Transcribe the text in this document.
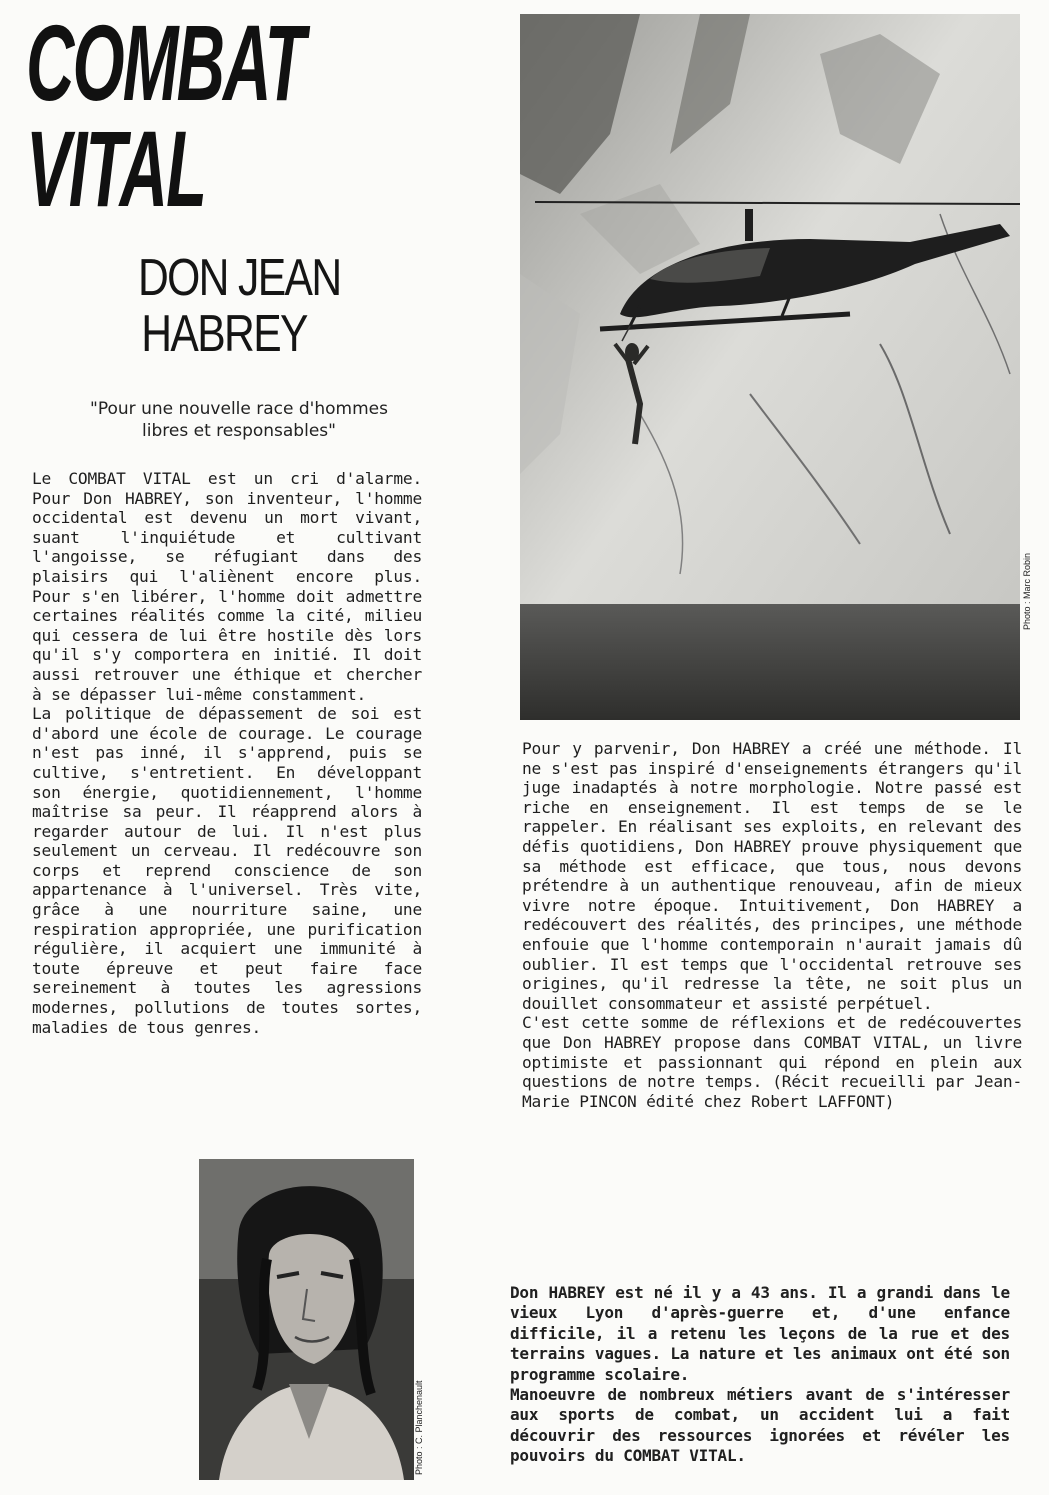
COMBAT
VITAL
DON JEAN
HABREY
"Pour une nouvelle race d'hommes
libres et responsables"

Le COMBAT VITAL est un cri d'alarme. Pour Don HABREY, son inventeur, l'homme occidental est devenu un mort vivant, suant l'inquiétude et cultivant l'angoisse, se réfugiant dans des plaisirs qui l'aliènent encore plus. Pour s'en libérer, l'homme doit admettre certaines réalités comme la cité, milieu qui cessera de lui être hostile dès lors qu'il s'y comportera en initié. Il doit aussi retrouver une éthique et chercher à se dépasser lui-même constamment.

La politique de dépassement de soi est d'abord une école de courage. Le courage n'est pas inné, il s'apprend, puis se cultive, s'entretient. En développant son énergie, quotidiennement, l'homme maîtrise sa peur. Il réapprend alors à regarder autour de lui. Il n'est plus seulement un cerveau. Il redécouvre son corps et reprend conscience de son appartenance à l'universel. Très vite, grâce à une nourriture saine, une respiration appropriée, une purification régulière, il acquiert une immunité à toute épreuve et peut faire face sereinement à toutes les agressions modernes, pollutions de toutes sortes, maladies de tous genres.

Photo : Marc Robin

Pour y parvenir, Don HABREY a créé une méthode. Il ne s'est pas inspiré d'enseignements étrangers qu'il juge inadaptés à notre morphologie. Notre passé est riche en enseignement. Il est temps de se le rappeler. En réalisant ses exploits, en relevant des défis quotidiens, Don HABREY prouve physiquement que sa méthode est efficace, que tous, nous devons prétendre à un authentique renouveau, afin de mieux vivre notre époque. Intuitivement, Don HABREY a redécouvert des réalités, des principes, une méthode enfouie que l'homme contemporain n'aurait jamais dû oublier. Il est temps que l'occidental retrouve ses origines, qu'il redresse la tête, ne soit plus un douillet consommateur et assisté perpétuel.

C'est cette somme de réflexions et de redécouvertes que Don HABREY propose dans COMBAT VITAL, un livre optimiste et passionnant qui répond en plein aux questions de notre temps. (Récit recueilli par Jean-Marie PINCON édité chez Robert LAFFONT)

Photo : C. Planchenault

Don HABREY est né il y a 43 ans. Il a grandi dans le vieux Lyon d'après-guerre et, d'une enfance difficile, il a retenu les leçons de la rue et des terrains vagues. La nature et les animaux ont été son programme scolaire.

Manoeuvre de nombreux métiers avant de s'intéresser aux sports de combat, un accident lui a fait découvrir des ressources ignorées et révéler les pouvoirs du COMBAT VITAL.
